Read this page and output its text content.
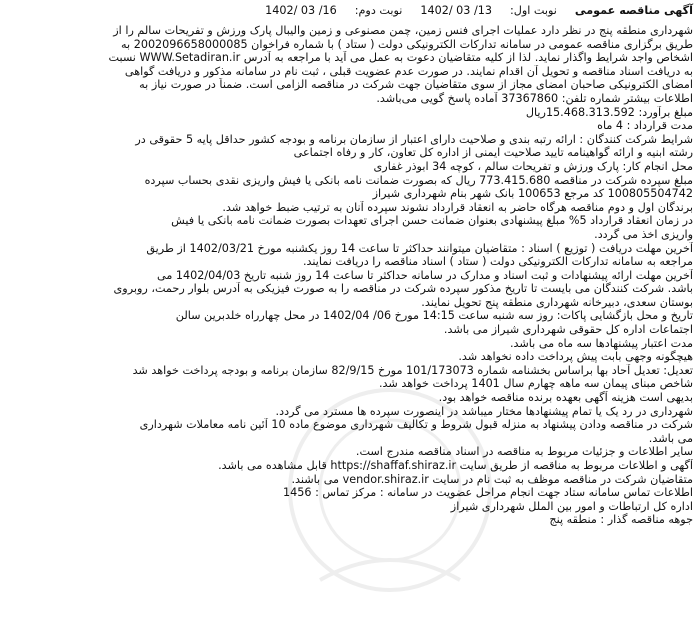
آگهی مناقصه عمومی
نوبت اول:
1402/ 03 /13
نوبت دوم:
1402/ 03 /16
شهرداری منطقه پنج در نظر دارد عملیات اجرای فنس زمین، چمن مصنوعی و زمین والیبال پارک ورزش و تفریحات سالم را از
طریق برگزاری مناقصه عمومی در سامانه تداركات الكترونیكی دولت ( ستاد ) با شماره فراخوان 2002096658000085 به
اشخاص واجد شرایط واگذار نماید. لذا از کلیه متقاضیان دعوت به عمل می آید با مراجعه به آدرس WWW.Setadiran.ir نسبت
به دریافت اسناد مناقصه و تحویل آن اقدام نمایند. در صورت عدم عضویت قبلی ، ثبت نام در سامانه مذکور و دریافت گواهی
امضای الکترونیکی صاحبان امضای مجاز از سوی متقاضیان جهت شرکت در مناقصه الزامی است. ضمناً در صورت نیاز به
اطلاعات بیشتر شماره تلفن: 37367860 آماده پاسخ گویی می‌باشد.
مبلغ برآورد: 15.468.313.592ریال
مدت قرارداد : 4 ماه
شرایط شرکت کنندگان : ارائه رتبه بندی و صلاحیت دارای اعتبار از سازمان برنامه و بودجه کشور حداقل پایه 5 حقوقی در
رشته ابنیه و ارائه گواهینامه تایید صلاحیت ایمنی از اداره کل تعاون، کار و رفاه اجتماعی
محل انجام کار: پارک ورزش و تفریحات سالم ، کوچه 34 ابوذر غفاری
مبلغ سپرده شرکت در مناقصه 773.415.680 ریال که بصورت ضمانت نامه بانکی یا فیش واریزی نقدی بحساب سپرده
100805504742 کد مرجع 100653 بانک شهر بنام شهرداری شیراز
برندگان اول و دوم مناقصه هرگاه حاضر به انعقاد قرارداد نشوند سپرده آنان به ترتیب ضبط خواهد شد.
در زمان انعقاد قرارداد 5% مبلغ پیشنهادی بعنوان ضمانت حسن اجرای تعهدات بصورت ضمانت نامه بانکی یا فیش
واریزی اخذ می گردد.
آخرین مهلت دریافت ( توزیع ) اسناد : متقاضیان میتوانند حداکثر تا ساعت 14 روز یکشنبه مورخ 1402/03/21 از طریق
مراجعه به سامانه تداركات الكترونیكی دولت ( ستاد ) اسناد مناقصه را دریافت نمایند.
آخرین مهلت ارائه پیشنهادات و ثبت اسناد و مدارک در سامانه حداکثر تا ساعت 14 روز شنبه تاریخ 1402/04/03 می
باشد. شرکت کنندگان می بایست تا تاریخ مذکور سپرده شرکت در مناقصه را به صورت فیزیکی به آدرس بلوار رحمت، روبروی
بوستان سعدی، دبیرخانه شهرداری منطقه پنج تحویل نمایند.
تاریخ و محل بازگشایی پاکات: روز سه شنبه ساعت 14:15 مورخ 06/ 1402/04 در محل چهارراه خلدبرین سالن
اجتماعات اداره کل حقوقی شهرداری شیراز می باشد.
مدت اعتبار پیشنهادها سه ماه می باشد.
هیچگونه وجهی بابت پیش پرداخت داده نخواهد شد.
تعدیل: تعدیل آحاد بها براساس بخشنامه شماره 101/173073 مورخ 82/9/15 سازمان برنامه و بودجه پرداخت خواهد شد
شاخص مبنای پیمان سه ماهه چهارم سال 1401 پرداخت خواهد شد.
بدیهی است هزینه آگهی بعهده برنده مناقصه خواهد بود.
شهرداری در رد یک یا تمام پیشنهادها مختار میباشد در اینصورت سپرده ها مسترد می گردد.
شرکت در مناقصه ودادن پیشنهاد به منزله قبول شروط و تکالیف شهرداری موضوع ماده 10 آئین نامه معاملات شهرداری
می باشد.
سایر اطلاعات و جزئیات مربوط به مناقصه در اسناد مناقصه مندرج است.
آگهی و اطلاعات مربوط به مناقصه از طریق سایت https://shaffaf.shiraz.ir قابل مشاهده می باشد.
متقاضیان شرکت در مناقصه موظف به ثبت نام در سایت vendor.shiraz.ir می باشند.
اطلاعات تماس سامانه ستاد جهت انجام مراحل عضویت در سامانه : مرکز تماس : 1456
اداره کل ارتباطات و امور بین الملل شهرداری شیراز
جوهه مناقصه گذار : منطقه پنج
